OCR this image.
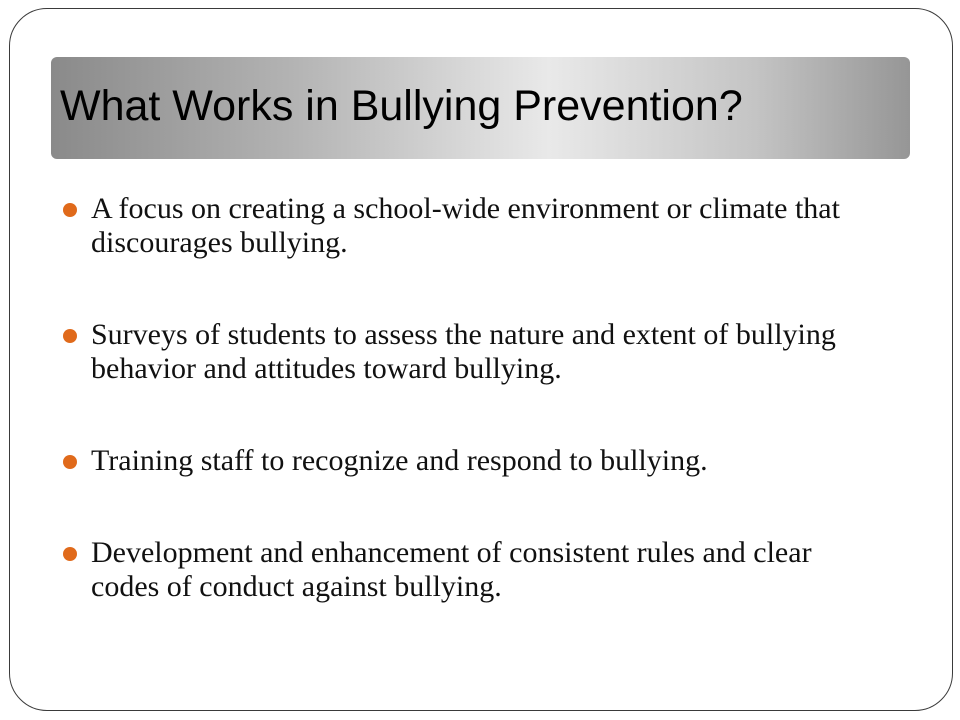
What Works in Bullying Prevention?
A focus on creating a school-wide environment or climate that discourages bullying.
Surveys of students to assess the nature and extent of bullying behavior and attitudes toward bullying.
Training staff to recognize and respond to bullying.
Development and enhancement of consistent rules and clear codes of conduct against bullying.
